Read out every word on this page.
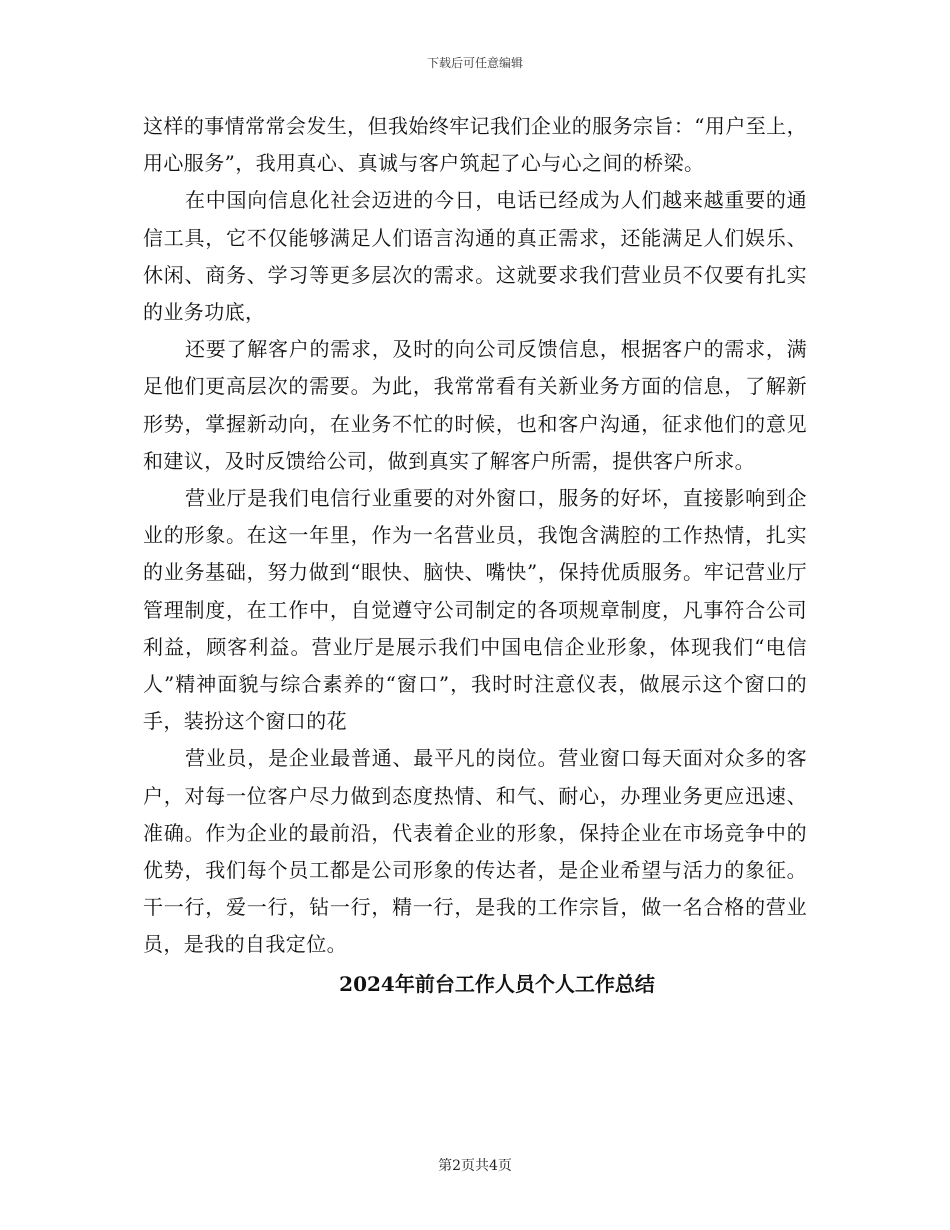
下载后可任意编辑

这样的事情常常会发生，但我始终牢记我们企业的服务宗旨：“用户至上，用心服务”，我用真心、真诚与客户筑起了心与心之间的桥梁。

在中国向信息化社会迈进的今日，电话已经成为人们越来越重要的通信工具，它不仅能够满足人们语言沟通的真正需求，还能满足人们娱乐、休闲、商务、学习等更多层次的需求。这就要求我们营业员不仅要有扎实的业务功底，

还要了解客户的需求，及时的向公司反馈信息，根据客户的需求，满足他们更高层次的需要。为此，我常常看有关新业务方面的信息，了解新形势，掌握新动向，在业务不忙的时候，也和客户沟通，征求他们的意见和建议，及时反馈给公司，做到真实了解客户所需，提供客户所求。

营业厅是我们电信行业重要的对外窗口，服务的好坏，直接影响到企业的形象。在这一年里，作为一名营业员，我饱含满腔的工作热情，扎实的业务基础，努力做到“眼快、脑快、嘴快”，保持优质服务。牢记营业厅管理制度，在工作中，自觉遵守公司制定的各项规章制度，凡事符合公司利益，顾客利益。营业厅是展示我们中国电信企业形象，体现我们“电信人”精神面貌与综合素养的“窗口”，我时时注意仪表，做展示这个窗口的手，装扮这个窗口的花

营业员，是企业最普通、最平凡的岗位。营业窗口每天面对众多的客户，对每一位客户尽力做到态度热情、和气、耐心，办理业务更应迅速、准确。作为企业的最前沿，代表着企业的形象，保持企业在市场竞争中的优势，我们每个员工都是公司形象的传达者，是企业希望与活力的象征。干一行，爱一行，钻一行，精一行，是我的工作宗旨，做一名合格的营业员，是我的自我定位。

2024年前台工作人员个人工作总结
第2页共4页
